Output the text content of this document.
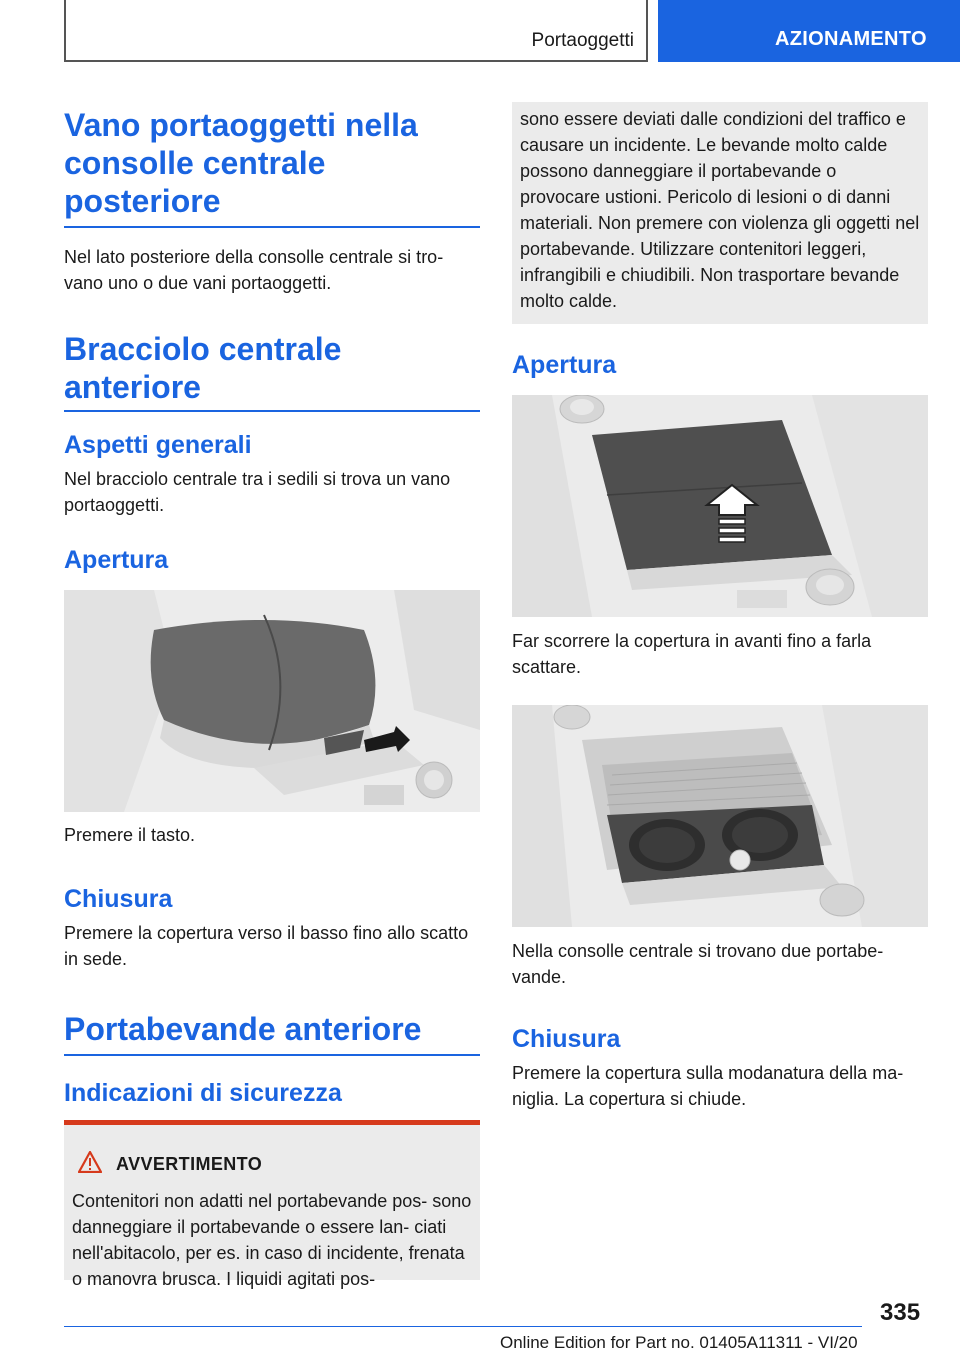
Portaoggetti	AZIONAMENTO
Vano portaoggetti nella consolle centrale posteriore
Nel lato posteriore della consolle centrale si tro- vano uno o due vani portaoggetti.
Bracciolo centrale anteriore
Aspetti generali
Nel bracciolo centrale tra i sedili si trova un vano portaoggetti.
Apertura
Premere il tasto.
Chiusura
Premere la copertura verso il basso fino allo scatto in sede.
Portabevande anteriore
Indicazioni di sicurezza
AVVERTIMENTO
Contenitori non adatti nel portabevande pos- sono danneggiare il portabevande o essere lan- ciati nell'abitacolo, per es. in caso di incidente, frenata o manovra brusca. I liquidi agitati pos-
sono essere deviati dalle condizioni del traffico e causare un incidente. Le bevande molto calde possono danneggiare il portabevande o provocare ustioni. Pericolo di lesioni o di danni materiali. Non premere con violenza gli oggetti nel portabevande. Utilizzare contenitori leggeri, infrangibili e chiudibili. Non trasportare bevande molto calde.
Apertura
Far scorrere la copertura in avanti fino a farla scattare.
Nella consolle centrale si trovano due portabe- vande.
Chiusura
Premere la copertura sulla modanatura della ma- niglia. La copertura si chiude.
335
Online Edition for Part no. 01405A11311 - VI/20
